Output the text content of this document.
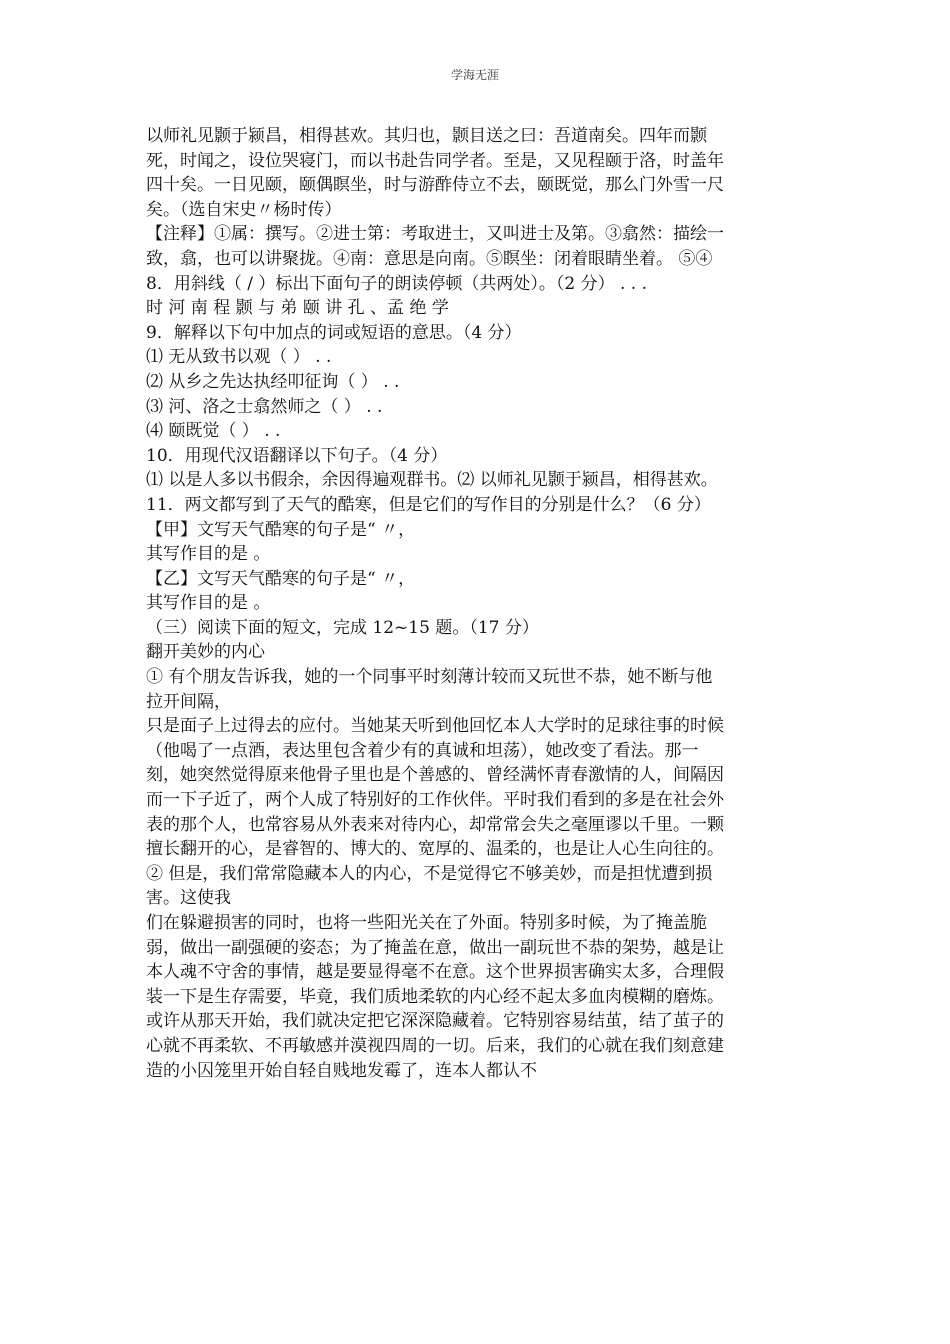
学海无涯
以师礼见颢于颍昌，相得甚欢。其归也，颢目送之曰：吾道南矣。四年而颢
死，时闻之，设位哭寝门，而以书赴告同学者。至是，又见程颐于洛，时盖年
四十矣。一日见颐，颐偶瞑坐，时与游酢侍立不去，颐既觉，那么门外雪一尺
矣。（选自宋史〃杨时传）
【注释】①属：撰写。②进士第：考取进士，又叫进士及第。③翕然：描绘一
致，翕，也可以讲聚拢。④南：意思是向南。⑤瞑坐：闭着眼睛坐着。 ⑤④
8．用斜线（ / ）标出下面句子的朗读停顿（共两处）。（2 分） . . .
时 河 南 程 颢 与 弟 颐 讲 孔 、孟 绝 学
9．解释以下句中加点的词或短语的意思。（4 分）
⑴ 无从致书以观（ ） . .
⑵ 从乡之先达执经叩征询（ ） . .
⑶ 河、洛之士翕然师之（ ） . .
⑷ 颐既觉（ ） . .
10．用现代汉语翻译以下句子。（4 分）
⑴ 以是人多以书假余，余因得遍观群书。⑵ 以师礼见颢于颍昌，相得甚欢。
11．两文都写到了天气的酷寒，但是它们的写作目的分别是什么？（6 分）
【甲】文写天气酷寒的句子是“ 〃，
其写作目的是 。
【乙】文写天气酷寒的句子是“ 〃，
其写作目的是 。
（三）阅读下面的短文，完成 12~15 题。（17 分）
翻开美妙的内心
① 有个朋友告诉我，她的一个同事平时刻薄计较而又玩世不恭，她不断与他
拉开间隔，
只是面子上过得去的应付。当她某天听到他回忆本人大学时的足球往事的时候
（他喝了一点酒，表达里包含着少有的真诚和坦荡），她改变了看法。那一
刻，她突然觉得原来他骨子里也是个善感的、曾经满怀青春激情的人，间隔因
而一下子近了，两个人成了特别好的工作伙伴。平时我们看到的多是在社会外
表的那个人，也常容易从外表来对待内心，却常常会失之毫厘谬以千里。一颗
擅长翻开的心，是睿智的、博大的、宽厚的、温柔的，也是让人心生向往的。
② 但是，我们常常隐藏本人的内心，不是觉得它不够美妙，而是担忧遭到损
害。这使我
们在躲避损害的同时，也将一些阳光关在了外面。特别多时候，为了掩盖脆
弱，做出一副强硬的姿态；为了掩盖在意，做出一副玩世不恭的架势，越是让
本人魂不守舍的事情，越是要显得毫不在意。这个世界损害确实太多，合理假
装一下是生存需要，毕竟，我们质地柔软的内心经不起太多血肉模糊的磨炼。
或许从那天开始，我们就决定把它深深隐藏着。它特别容易结茧，结了茧子的
心就不再柔软、不再敏感并漠视四周的一切。后来，我们的心就在我们刻意建
造的小囚笼里开始自轻自贱地发霉了，连本人都认不
